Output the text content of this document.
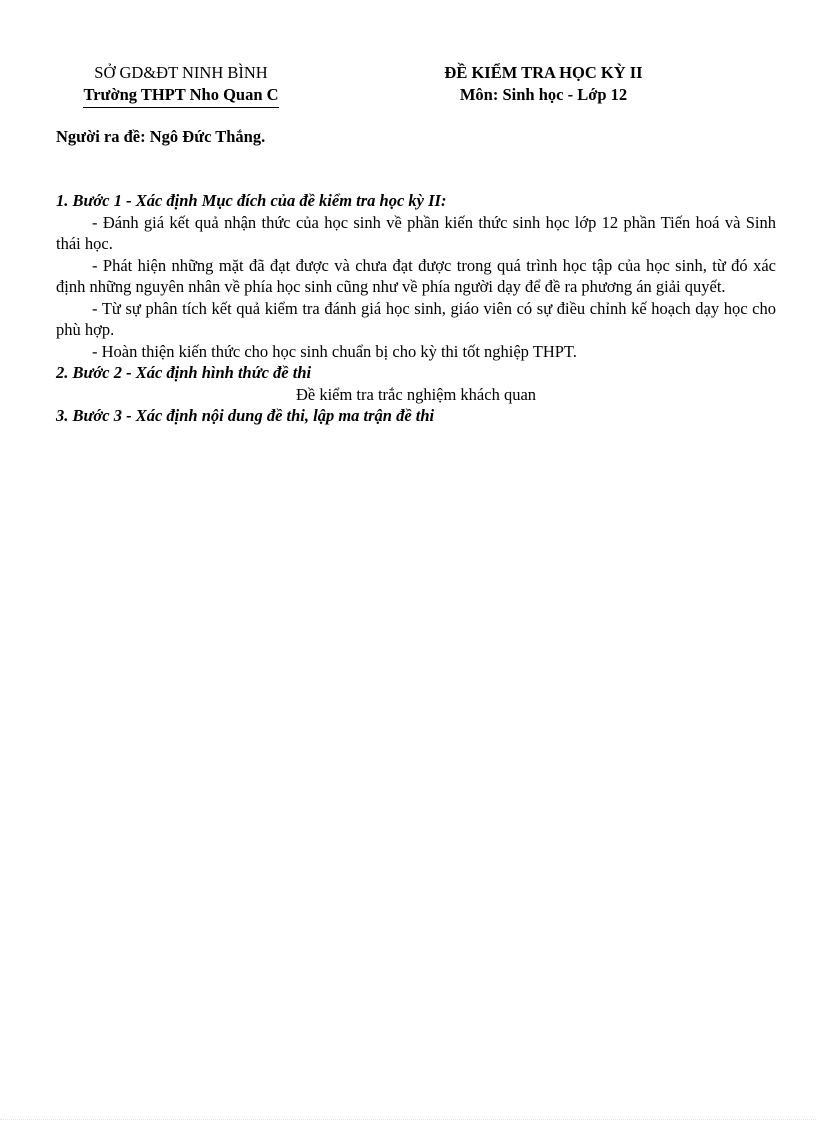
SỞ GD&ĐT NINH BÌNH
Trường THPT Nho Quan C
ĐỀ KIỂM TRA HỌC KỲ II
Môn: Sinh học - Lớp 12
Người ra đề: Ngô Đức Thắng.

1. Bước 1 - Xác định Mục đích của đề kiểm tra học kỳ II:

- Đánh giá kết quả nhận thức của học sinh về phần kiến thức sinh học lớp 12 phần Tiến hoá và Sinh thái học.

- Phát hiện những mặt đã đạt được và chưa đạt được trong quá trình học tập của học sinh, từ đó xác định những nguyên nhân về phía học sinh cũng như về phía người dạy để đề ra phương án giải quyết.

- Từ sự phân tích kết quả kiểm tra đánh giá học sinh, giáo viên có sự điều chỉnh kế hoạch dạy học cho phù hợp.

- Hoàn thiện kiến thức cho học sinh chuẩn bị cho kỳ thi tốt nghiệp THPT.

2. Bước 2 - Xác định hình thức đề thi

Đề kiểm tra trắc nghiệm khách quan

3. Bước 3 - Xác định nội dung đề thi, lập ma trận đề thi
